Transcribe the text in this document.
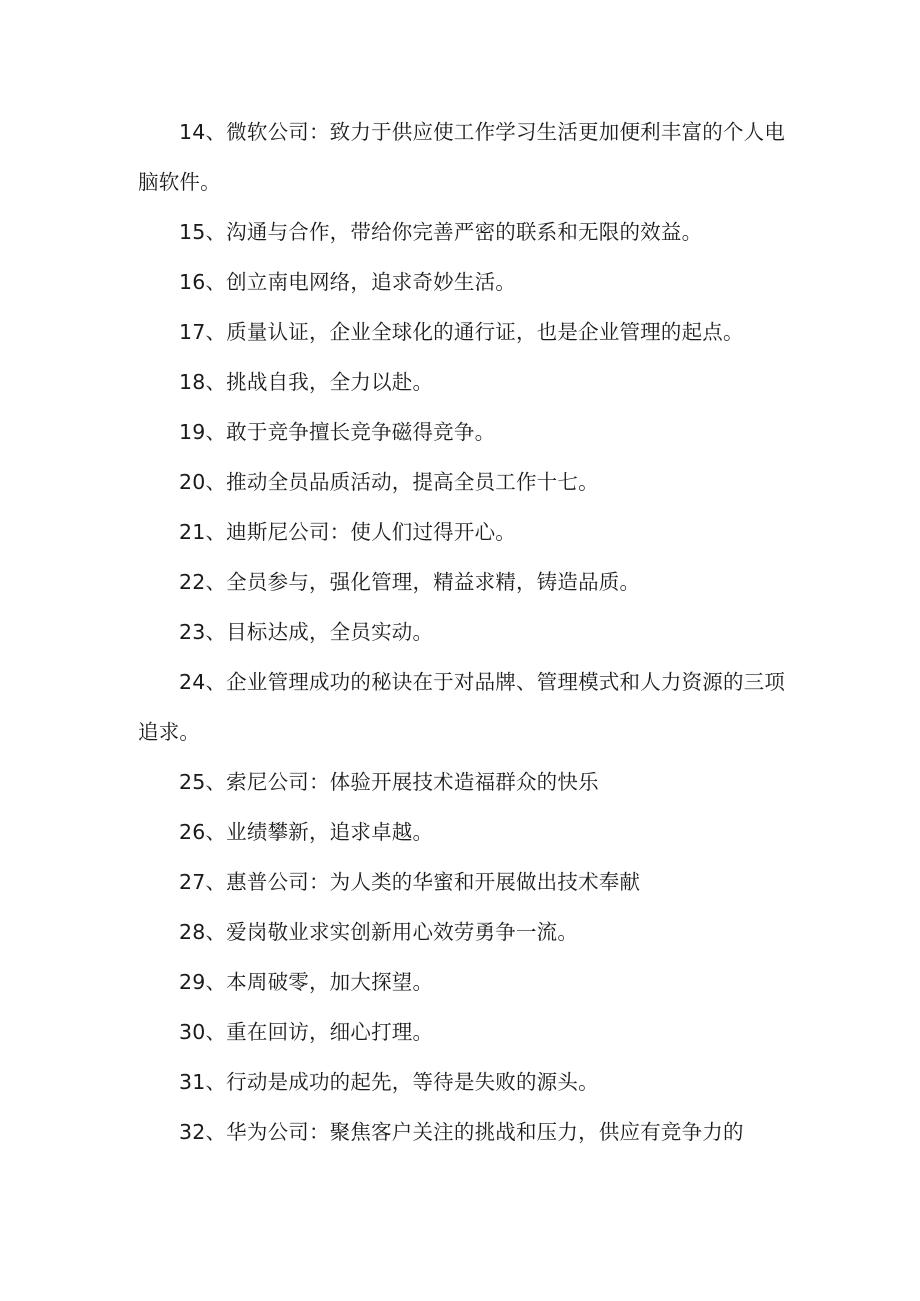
14、微软公司：致力于供应使工作学习生活更加便利丰富的个人电脑软件。

15、沟通与合作，带给你完善严密的联系和无限的效益。

16、创立南电网络，追求奇妙生活。

17、质量认证，企业全球化的通行证，也是企业管理的起点。

18、挑战自我，全力以赴。

19、敢于竞争擅长竞争磁得竞争。

20、推动全员品质活动，提高全员工作十七。

21、迪斯尼公司：使人们过得开心。

22、全员参与，强化管理，精益求精，铸造品质。

23、目标达成，全员实动。

24、企业管理成功的秘诀在于对品牌、管理模式和人力资源的三项追求。

25、索尼公司：体验开展技术造福群众的快乐

26、业绩攀新，追求卓越。

27、惠普公司：为人类的华蜜和开展做出技术奉献

28、爱岗敬业求实创新用心效劳勇争一流。

29、本周破零，加大探望。

30、重在回访，细心打理。

31、行动是成功的起先，等待是失败的源头。

32、华为公司：聚焦客户关注的挑战和压力，供应有竞争力的
